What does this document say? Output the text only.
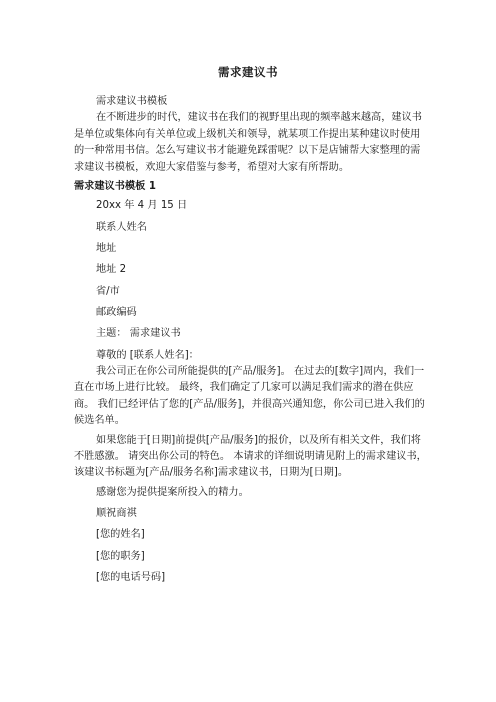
需求建议书
需求建议书模板
在不断进步的时代，建议书在我们的视野里出现的频率越来越高，建议书是单位或集体向有关单位或上级机关和领导，就某项工作提出某种建议时使用的一种常用书信。怎么写建议书才能避免踩雷呢？以下是店铺帮大家整理的需求建议书模板，欢迎大家借鉴与参考，希望对大家有所帮助。
需求建议书模板 1
20xx 年 4 月 15 日
联系人姓名
地址
地址 2
省/市
邮政编码
主题： 需求建议书
尊敬的 [联系人姓名]：
我公司正在你公司所能提供的[产品/服务]。 在过去的[数字]周内，我们一直在市场上进行比较。 最终，我们确定了几家可以满足我们需求的潜在供应商。 我们已经评估了您的[产品/服务]，并很高兴通知您，你公司已进入我们的候选名单。
如果您能于[日期]前提供[产品/服务]的报价，以及所有相关文件，我们将不胜感激。 请突出你公司的特色。 本请求的详细说明请见附上的需求建议书，该建议书标题为[产品/服务名称]需求建议书，日期为[日期]。
感谢您为提供提案所投入的精力。
顺祝商祺
[您的姓名]
[您的职务]
[您的电话号码]
